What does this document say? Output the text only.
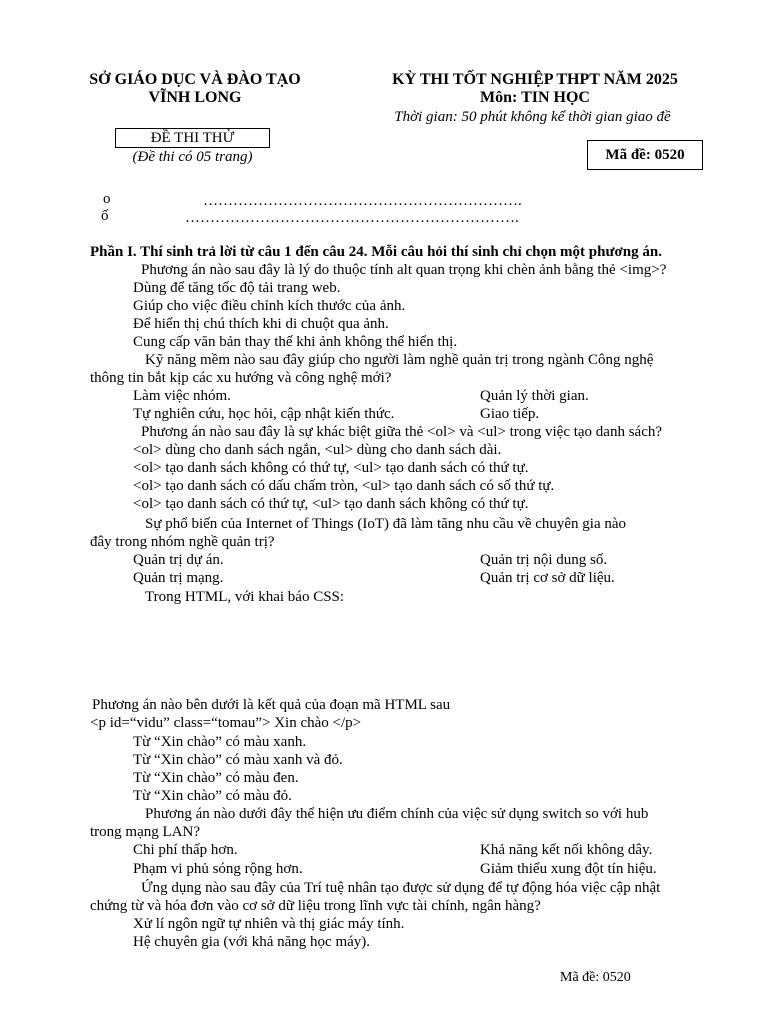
SỞ GIÁO DỤC VÀ ĐÀO TẠO
VĨNH LONG
KỲ THI TỐT NGHIỆP THPT NĂM 2025
Môn: TIN HỌC
Thời gian: 50 phút không kể thời gian giao đề
ĐỀ THI THỬ
(Đề thi có 05 trang)	Mã đề: 0520
o	……………………………………………………….
ố	………………………………………………………….
Phần I. Thí sinh trả lời từ câu 1 đến câu 24. Mỗi câu hỏi thí sinh chỉ chọn một phương án.
Phương án nào sau đây là lý do thuộc tính alt quan trọng khi chèn ảnh bằng thẻ <img>?
Dùng để tăng tốc độ tải trang web.
Giúp cho việc điều chỉnh kích thước của ảnh.
Để hiển thị chú thích khi di chuột qua ảnh.
Cung cấp văn bản thay thế khi ảnh không thể hiển thị.
Kỹ năng mềm nào sau đây giúp cho người làm nghề quản trị trong ngành Công nghệ
thông tin bắt kịp các xu hướng và công nghệ mới?
Làm việc nhóm.	Quản lý thời gian.
Tự nghiên cứu, học hỏi, cập nhật kiến thức.	Giao tiếp.
Phương án nào sau đây là sự khác biệt giữa thẻ <ol> và <ul> trong việc tạo danh sách?
<ol> dùng cho danh sách ngắn, <ul> dùng cho danh sách dài.
<ol> tạo danh sách không có thứ tự, <ul> tạo danh sách có thứ tự.
<ol> tạo danh sách có dấu chấm tròn, <ul> tạo danh sách có số thứ tự.
<ol> tạo danh sách có thứ tự, <ul> tạo danh sách không có thứ tự.
Sự phổ biến của Internet of Things (IoT) đã làm tăng nhu cầu về chuyên gia nào
đây trong nhóm nghề quản trị?
Quản trị dự án.	Quản trị nội dung số.
Quản trị mạng.	Quản trị cơ sở dữ liệu.
Trong HTML, với khai báo CSS:
Phương án nào bên dưới là kết quả của đoạn mã HTML sau
<p id=“vidu” class=“tomau”> Xin chào </p>
Từ “Xin chào” có màu xanh.
Từ “Xin chào” có màu xanh và đỏ.
Từ “Xin chào” có màu đen.
Từ “Xin chào” có màu đỏ.
Phương án nào dưới đây thể hiện ưu điểm chính của việc sử dụng switch so với hub
trong mạng LAN?
Chi phí thấp hơn.	Khả năng kết nối không dây.
Phạm vi phủ sóng rộng hơn.	Giảm thiểu xung đột tín hiệu.
Ứng dụng nào sau đây của Trí tuệ nhân tạo được sử dụng để tự động hóa việc cập nhật
chứng từ và hóa đơn vào cơ sở dữ liệu trong lĩnh vực tài chính, ngân hàng?
Xử lí ngôn ngữ tự nhiên và thị giác máy tính.
Hệ chuyên gia (với khả năng học máy).
Mã đề: 0520
